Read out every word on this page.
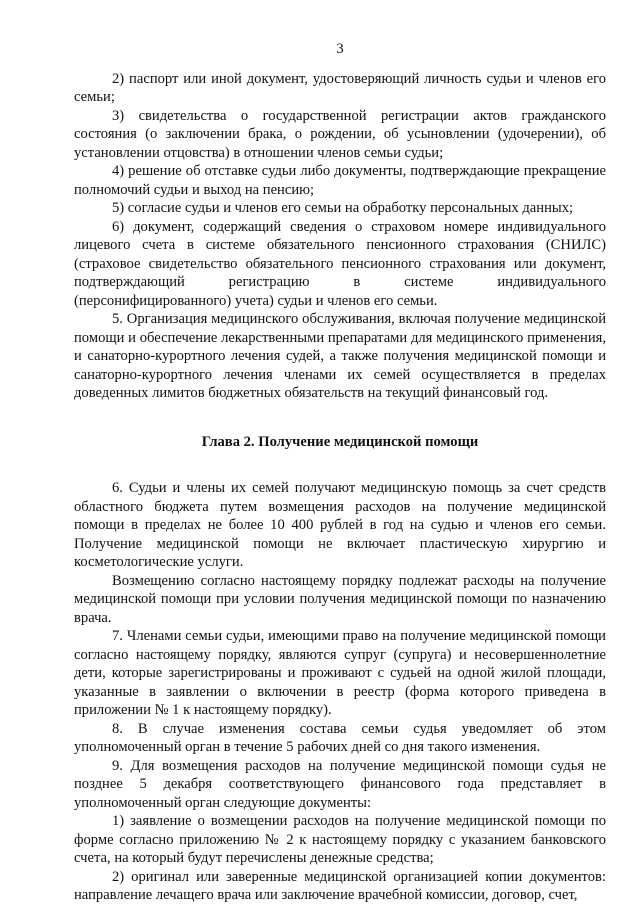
3

2) паспорт или иной документ, удостоверяющий личность судьи и членов его семьи;

3) свидетельства о государственной регистрации актов гражданского состояния (о заключении брака, о рождении, об усыновлении (удочерении), об установлении отцовства) в отношении членов семьи судьи;

4) решение об отставке судьи либо документы, подтверждающие прекращение полномочий судьи и выход на пенсию;

5) согласие судьи и членов его семьи на обработку персональных данных;

6) документ, содержащий сведения о страховом номере индивидуального лицевого счета в системе обязательного пенсионного страхования (СНИЛС) (страховое свидетельство обязательного пенсионного страхования или документ, подтверждающий регистрацию в системе индивидуального (персонифицированного) учета) судьи и членов его семьи.

5. Организация медицинского обслуживания, включая получение медицинской помощи и обеспечение лекарственными препаратами для медицинского применения, и санаторно-курортного лечения судей, а также получения медицинской помощи и санаторно-курортного лечения членами их семей осуществляется в пределах доведенных лимитов бюджетных обязательств на текущий финансовый год.

Глава 2. Получение медицинской помощи

6. Судьи и члены их семей получают медицинскую помощь за счет средств областного бюджета путем возмещения расходов на получение медицинской помощи в пределах не более 10 400 рублей в год на судью и членов его семьи. Получение медицинской помощи не включает пластическую хирургию и косметологические услуги.

Возмещению согласно настоящему порядку подлежат расходы на получение медицинской помощи при условии получения медицинской помощи по назначению врача.

7. Членами семьи судьи, имеющими право на получение медицинской помощи согласно настоящему порядку, являются супруг (супруга) и несовершеннолетние дети, которые зарегистрированы и проживают с судьей на одной жилой площади, указанные в заявлении о включении в реестр (форма которого приведена в приложении № 1 к настоящему порядку).

8. В случае изменения состава семьи судья уведомляет об этом уполномоченный орган в течение 5 рабочих дней со дня такого изменения.

9. Для возмещения расходов на получение медицинской помощи судья не позднее 5 декабря соответствующего финансового года представляет в уполномоченный орган следующие документы:

1) заявление о возмещении расходов на получение медицинской помощи по форме согласно приложению № 2 к настоящему порядку с указанием банковского счета, на который будут перечислены денежные средства;

2) оригинал или заверенные медицинской организацией копии документов: направление лечащего врача или заключение врачебной комиссии, договор, счет,
